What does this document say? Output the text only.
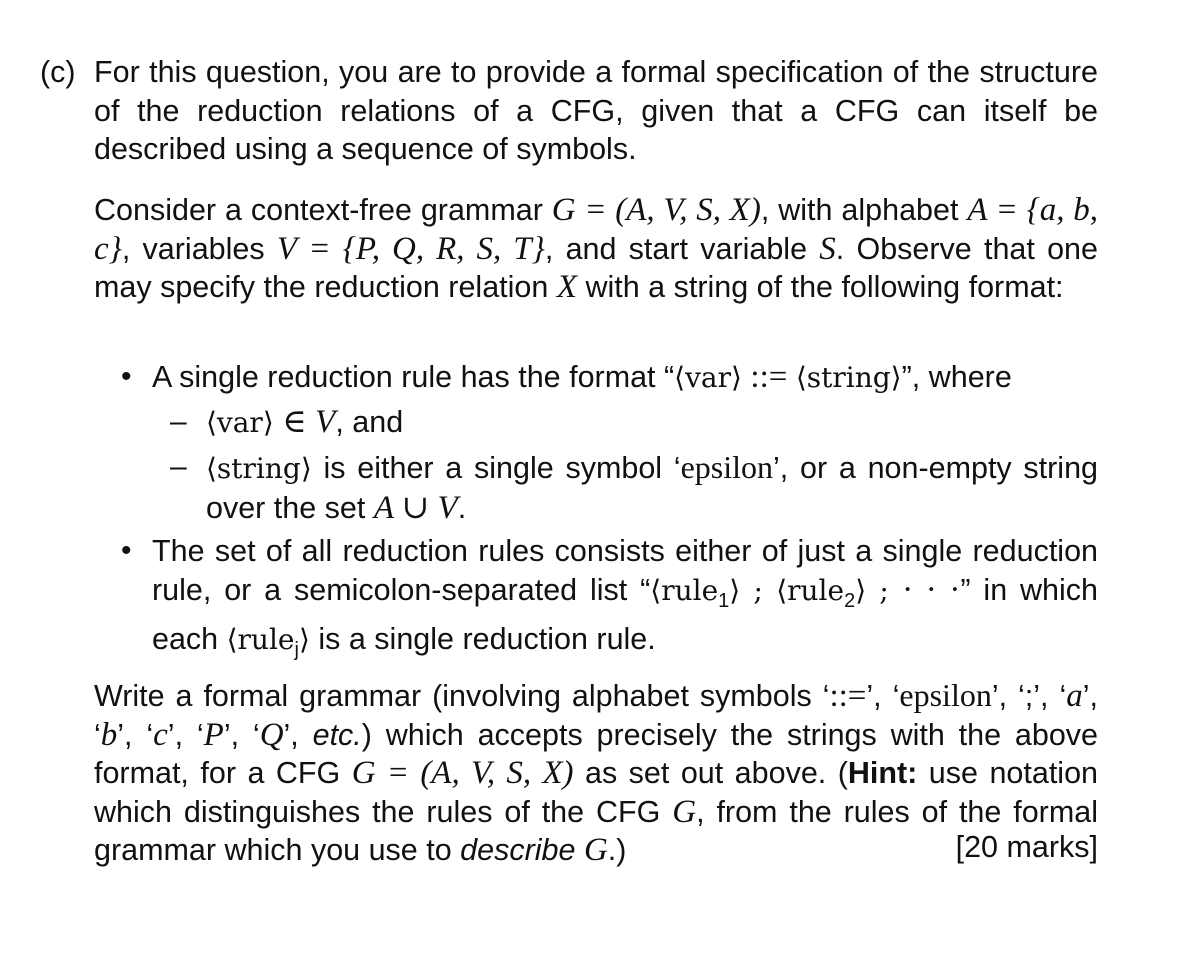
(c) For this question, you are to provide a formal specification of the structure of the reduction relations of a CFG, given that a CFG can itself be described using a sequence of symbols.
Consider a context-free grammar G = (A, V, S, X), with alphabet A = {a, b, c}, variables V = {P, Q, R, S, T}, and start variable S. Observe that one may specify the reduction relation X with a string of the following format:
• A single reduction rule has the format “⟨var⟩ ::= ⟨string⟩”, where
– ⟨var⟩ ∈ V, and
– ⟨string⟩ is either a single symbol ‘epsilon’, or a non-empty string over the set A ∪ V.
• The set of all reduction rules consists either of just a single reduction rule, or a semicolon-separated list “⟨rule$_1$⟩ ; ⟨rule$_2$⟩ ; · · ·” in which each ⟨rule$_j$⟩ is a single reduction rule.
Write a formal grammar (involving alphabet symbols ‘::=’, ‘epsilon’, ‘;’, ‘a’, ‘b’, ‘c’, ‘P’, ‘Q’, etc.) which accepts precisely the strings with the above format, for a CFG G = (A, V, S, X) as set out above. (Hint: use notation which distinguishes the rules of the CFG G, from the rules of the formal grammar which you use to describe G.)	[20 marks]
